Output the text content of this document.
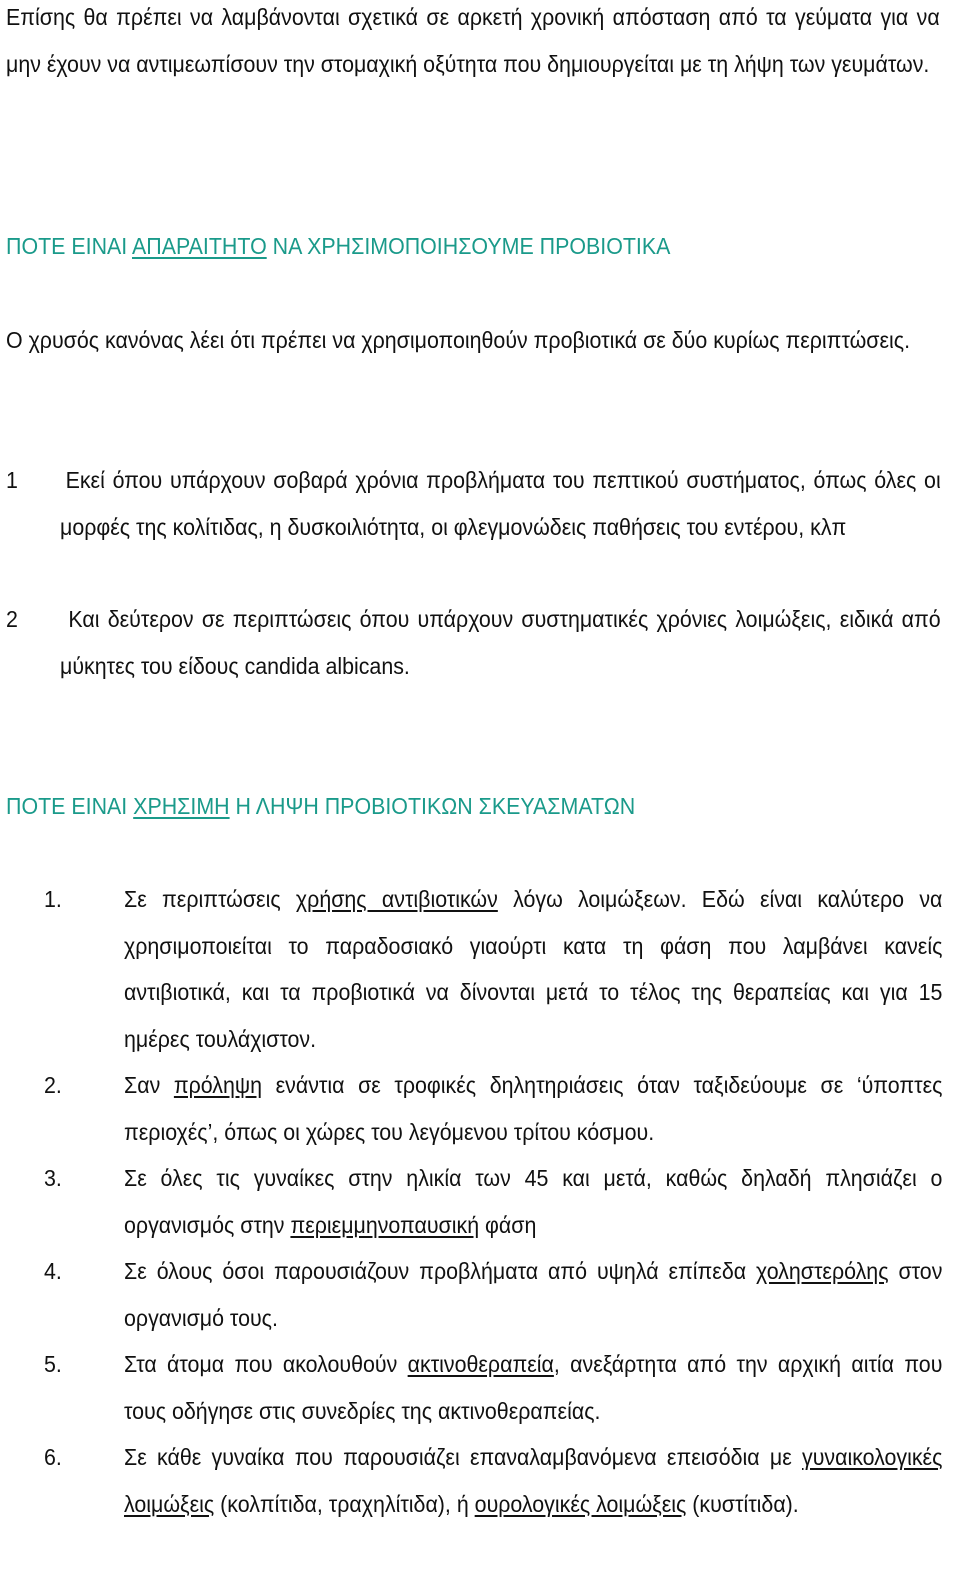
Επίσης θα πρέπει να λαμβάνονται σχετικά σε αρκετή χρονική απόσταση από τα γεύματα για να μην έχουν να αντιμεωπίσουν την στομαχική οξύτητα που δημιουργείται με τη λήψη των γευμάτων.
ΠΟΤΕ ΕΙΝΑΙ ΑΠΑΡΑΙΤΗΤΟ ΝΑ ΧΡΗΣΙΜΟΠΟΙΗΣΟΥΜΕ ΠΡΟΒΙΟΤΙΚΑ
Ο χρυσός κανόνας λέει ότι πρέπει να χρησιμοποιηθούν προβιοτικά σε δύο κυρίως περιπτώσεις.
1 Εκεί όπου υπάρχουν σοβαρά χρόνια προβλήματα του πεπτικού συστήματος, όπως όλες οι μορφές της κολίτιδας, η δυσκοιλιότητα, οι φλεγμονώδεις παθήσεις του εντέρου, κλπ
2	Και δεύτερον σε περιπτώσεις όπου υπάρχουν συστηματικές χρόνιες λοιμώξεις, ειδικά από μύκητες του είδους candida albicans.
ΠΟΤΕ ΕΙΝΑΙ ΧΡΗΣΙΜΗ Η ΛΗΨΗ ΠΡΟΒΙΟΤΙΚΩΝ ΣΚΕΥΑΣΜΑΤΩΝ
1.	Σε περιπτώσεις χρήσης αντιβιοτικών λόγω λοιμώξεων. Εδώ είναι καλύτερο να χρησιμοποιείται το παραδοσιακό γιαούρτι κατα τη φάση που λαμβάνει κανείς αντιβιοτικά, και τα προβιοτικά να δίνονται μετά το τέλος της θεραπείας και για 15 ημέρες τουλάχιστον.
2.	Σαν πρόληψη ενάντια σε τροφικές δηλητηριάσεις όταν ταξιδεύουμε σε ‘ύποπτες περιοχές’, όπως οι χώρες του λεγόμενου τρίτου κόσμου.
3.	Σε όλες τις γυναίκες στην ηλικία των 45 και μετά, καθώς δηλαδή πλησιάζει ο οργανισμός στην περιεμμηνοπαυσική φάση
4.	Σε όλους όσοι παρουσιάζουν προβλήματα από υψηλά επίπεδα χοληστερόλης στον οργανισμό τους.
5.	Στα άτομα που ακολουθούν ακτινοθεραπεία, ανεξάρτητα από την αρχική αιτία που τους οδήγησε στις συνεδρίες της ακτινοθεραπείας.
6.	Σε κάθε γυναίκα που παρουσιάζει επαναλαμβανόμενα επεισόδια με γυναικολογικές λοιμώξεις (κολπίτιδα, τραχηλίτιδα), ή ουρολογικές λοιμώξεις (κυστίτιδα).
